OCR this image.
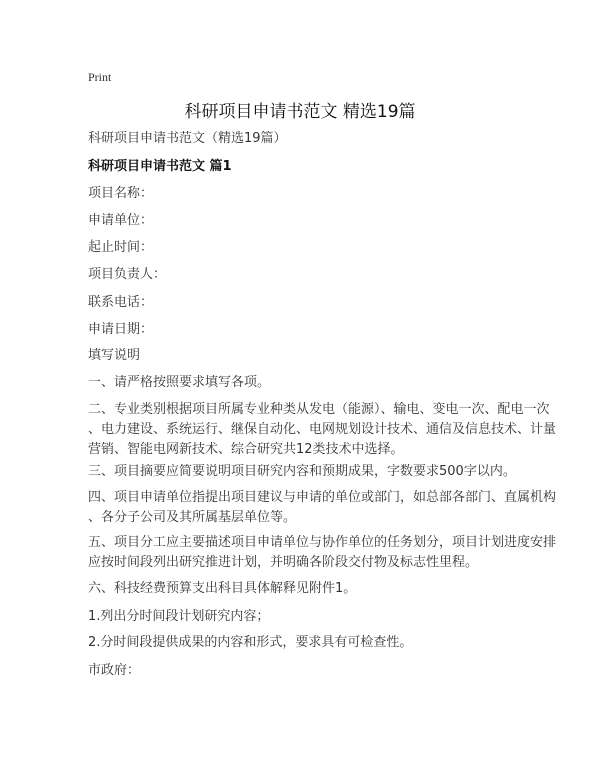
Print
科研项目申请书范文 精选19篇
科研项目申请书范文（精选19篇）
科研项目申请书范文 篇1
项目名称：
申请单位：
起止时间：
项目负责人：
联系电话：
申请日期：
填写说明
一、请严格按照要求填写各项。
二、专业类别根据项目所属专业种类从发电（能源）、输电、变电一次、配电一次
、电力建设、系统运行、继保自动化、电网规划设计技术、通信及信息技术、计量
营销、智能电网新技术、综合研究共12类技术中选择。
三、项目摘要应简要说明项目研究内容和预期成果，字数要求500字以内。
四、项目申请单位指提出项目建议与申请的单位或部门，如总部各部门、直属机构
、各分子公司及其所属基层单位等。
五、项目分工应主要描述项目申请单位与协作单位的任务划分，项目计划进度安排
应按时间段列出研究推进计划，并明确各阶段交付物及标志性里程。
六、科技经费预算支出科目具体解释见附件1。
1.列出分时间段计划研究内容；
2.分时间段提供成果的内容和形式，要求具有可检查性。
市政府：
